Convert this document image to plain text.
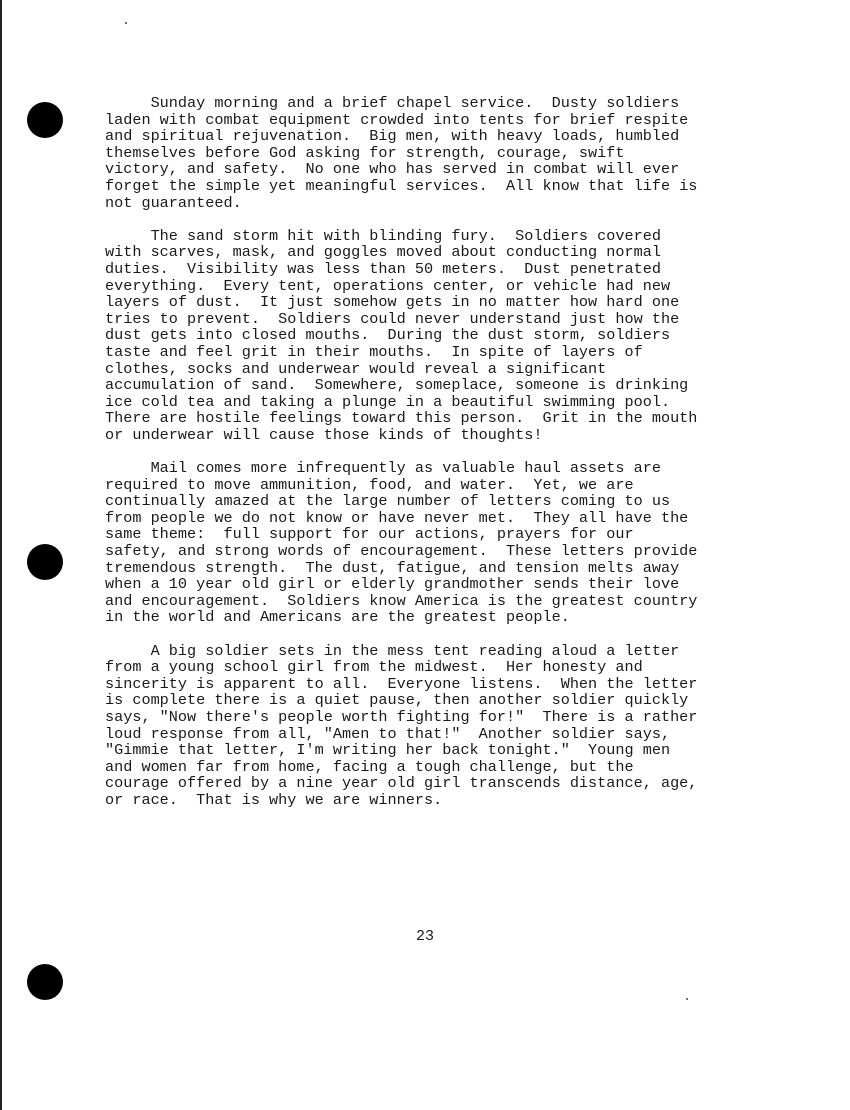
Sunday morning and a brief chapel service.  Dusty soldiers
laden with combat equipment crowded into tents for brief respite
and spiritual rejuvenation.  Big men, with heavy loads, humbled
themselves before God asking for strength, courage, swift
victory, and safety.  No one who has served in combat will ever
forget the simple yet meaningful services.  All know that life is
not guaranteed.
The sand storm hit with blinding fury.  Soldiers covered
with scarves, mask, and goggles moved about conducting normal
duties.  Visibility was less than 50 meters.  Dust penetrated
everything.  Every tent, operations center, or vehicle had new
layers of dust.  It just somehow gets in no matter how hard one
tries to prevent.  Soldiers could never understand just how the
dust gets into closed mouths.  During the dust storm, soldiers
taste and feel grit in their mouths.  In spite of layers of
clothes, socks and underwear would reveal a significant
accumulation of sand.  Somewhere, someplace, someone is drinking
ice cold tea and taking a plunge in a beautiful swimming pool.
There are hostile feelings toward this person.  Grit in the mouth
or underwear will cause those kinds of thoughts!
Mail comes more infrequently as valuable haul assets are
required to move ammunition, food, and water.  Yet, we are
continually amazed at the large number of letters coming to us
from people we do not know or have never met.  They all have the
same theme:  full support for our actions, prayers for our
safety, and strong words of encouragement.  These letters provide
tremendous strength.  The dust, fatigue, and tension melts away
when a 10 year old girl or elderly grandmother sends their love
and encouragement.  Soldiers know America is the greatest country
in the world and Americans are the greatest people.
A big soldier sets in the mess tent reading aloud a letter
from a young school girl from the midwest.  Her honesty and
sincerity is apparent to all.  Everyone listens.  When the letter
is complete there is a quiet pause, then another soldier quickly
says, "Now there's people worth fighting for!"  There is a rather
loud response from all, "Amen to that!"  Another soldier says,
"Gimmie that letter, I'm writing her back tonight."  Young men
and women far from home, facing a tough challenge, but the
courage offered by a nine year old girl transcends distance, age,
or race.  That is why we are winners.
23
